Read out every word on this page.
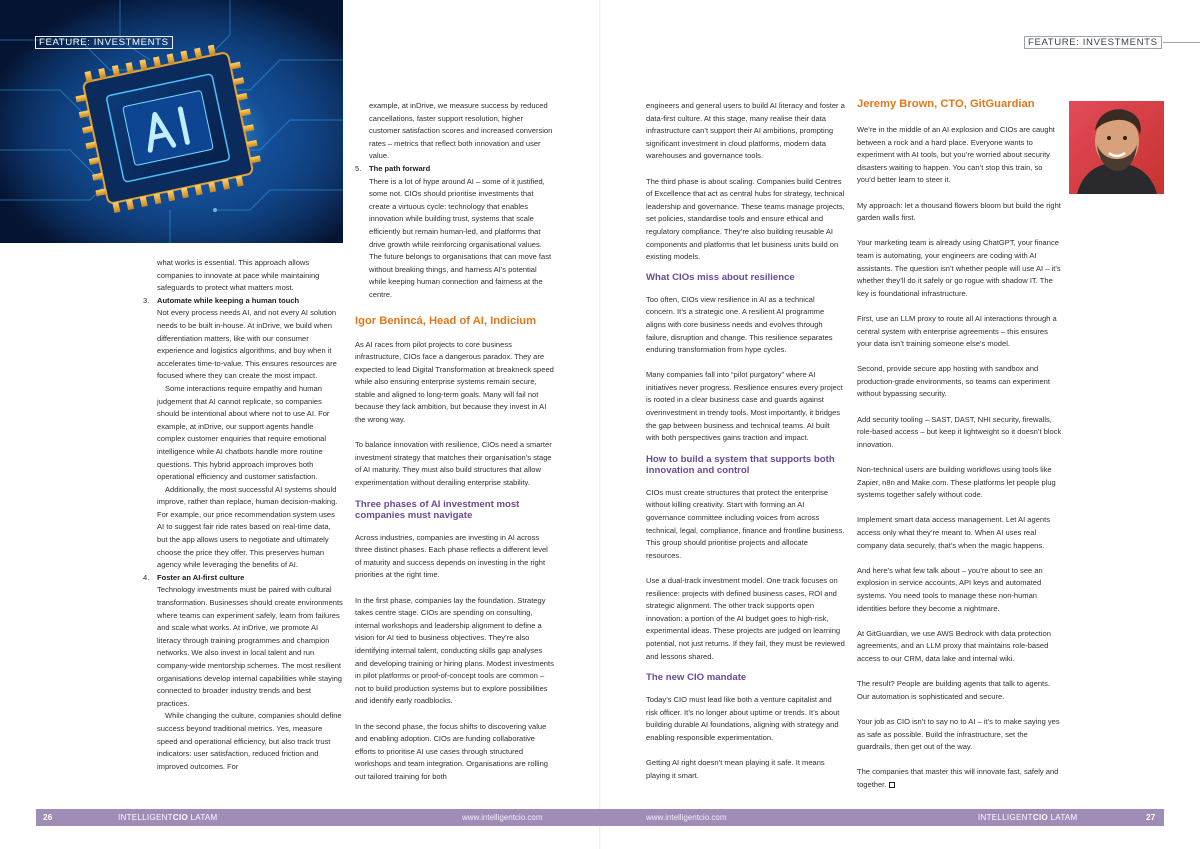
FEATURE: INVESTMENTS	FEATURE: INVESTMENTS

what works is essential. This approach allows companies to innovate at pace while maintaining safeguards to protect what matters most.

3. Automate while keeping a human touch

Not every process needs AI, and not every AI solution needs to be built in-house. At inDrive, we build when differentiation matters, like with our consumer experience and logistics algorithms, and buy when it accelerates time-to-value. This ensures resources are focused where they can create the most impact.

Some interactions require empathy and human judgement that AI cannot replicate, so companies should be intentional about where not to use AI. For example, at inDrive, our support agents handle complex customer enquiries that require emotional intelligence while AI chatbots handle more routine questions. This hybrid approach improves both operational efficiency and customer satisfaction.

Additionally, the most successful AI systems should improve, rather than replace, human decision-making. For example, our price recommendation system uses AI to suggest fair ride rates based on real-time data, but the app allows users to negotiate and ultimately choose the price they offer. This preserves human agency while leveraging the benefits of AI.

4. Foster an AI-first culture

Technology investments must be paired with cultural transformation. Businesses should create environments where teams can experiment safely, learn from failures and scale what works. At inDrive, we promote AI literacy through training programmes and champion networks. We also invest in local talent and run company-wide mentorship schemes. The most resilient organisations develop internal capabilities while staying connected to broader industry trends and best practices.

While changing the culture, companies should define success beyond traditional metrics. Yes, measure speed and operational efficiency, but also track trust indicators: user satisfaction, reduced friction and improved outcomes. For

example, at inDrive, we measure success by reduced cancellations, faster support resolution, higher customer satisfaction scores and increased conversion rates – metrics that reflect both innovation and user value.

5. The path forward

There is a lot of hype around AI – some of it justified, some not. CIOs should prioritise investments that create a virtuous cycle: technology that enables innovation while building trust, systems that scale efficiently but remain human-led, and platforms that drive growth while reinforcing organisational values. The future belongs to organisations that can move fast without breaking things, and harness AI’s potential while keeping human connection and fairness at the centre.

Igor Benincá, Head of AI, Indicium

As AI races from pilot projects to core business infrastructure, CIOs face a dangerous paradox. They are expected to lead Digital Transformation at breakneck speed while also ensuring enterprise systems remain secure, stable and aligned to long-term goals. Many will fail not because they lack ambition, but because they invest in AI the wrong way.

To balance innovation with resilience, CIOs need a smarter investment strategy that matches their organisation’s stage of AI maturity. They must also build structures that allow experimentation without derailing enterprise stability.

Three phases of AI investment most companies must navigate

Across industries, companies are investing in AI across three distinct phases. Each phase reflects a different level of maturity and success depends on investing in the right priorities at the right time.

In the first phase, companies lay the foundation. Strategy takes centre stage. CIOs are spending on consulting, internal workshops and leadership alignment to define a vision for AI tied to business objectives. They’re also identifying internal talent, conducting skills gap analyses and developing training or hiring plans. Modest investments in pilot platforms or proof-of-concept tools are common – not to build production systems but to explore possibilities and identify early roadblocks.

In the second phase, the focus shifts to discovering value and enabling adoption. CIOs are funding collaborative efforts to prioritise AI use cases through structured workshops and team integration. Organisations are rolling out tailored training for both

engineers and general users to build AI literacy and foster a data-first culture. At this stage, many realise their data infrastructure can’t support their AI ambitions, prompting significant investment in cloud platforms, modern data warehouses and governance tools.

The third phase is about scaling. Companies build Centres of Excellence that act as central hubs for strategy, technical leadership and governance. These teams manage projects, set policies, standardise tools and ensure ethical and regulatory compliance. They’re also building reusable AI components and platforms that let business units build on existing models.

What CIOs miss about resilience

Too often, CIOs view resilience in AI as a technical concern. It’s a strategic one. A resilient AI programme aligns with core business needs and evolves through failure, disruption and change. This resilience separates enduring transformation from hype cycles.

Many companies fall into “pilot purgatory” where AI initiatives never progress. Resilience ensures every project is rooted in a clear business case and guards against overinvestment in trendy tools. Most importantly, it bridges the gap between business and technical teams. AI built with both perspectives gains traction and impact.

How to build a system that supports both innovation and control

CIOs must create structures that protect the enterprise without killing creativity. Start with forming an AI governance committee including voices from across technical, legal, compliance, finance and frontline business. This group should prioritise projects and allocate resources.

Use a dual-track investment model. One track focuses on resilience: projects with defined business cases, ROI and strategic alignment. The other track supports open innovation: a portion of the AI budget goes to high-risk, experimental ideas. These projects are judged on learning potential, not just returns. If they fail, they must be reviewed and lessons shared.

The new CIO mandate

Today’s CIO must lead like both a venture capitalist and risk officer. It’s no longer about uptime or trends. It’s about building durable AI foundations, aligning with strategy and enabling responsible experimentation.

Getting AI right doesn’t mean playing it safe. It means playing it smart.

Jeremy Brown, CTO, GitGuardian

We’re in the middle of an AI explosion and CIOs are caught between a rock and a hard place. Everyone wants to experiment with AI tools, but you’re worried about security disasters waiting to happen. You can’t stop this train, so you’d better learn to steer it.

My approach: let a thousand flowers bloom but build the right garden walls first.

Your marketing team is already using ChatGPT, your finance team is automating, your engineers are coding with AI assistants. The question isn’t whether people will use AI – it’s whether they’ll do it safely or go rogue with shadow IT. The key is foundational infrastructure.

First, use an LLM proxy to route all AI interactions through a central system with enterprise agreements – this ensures your data isn’t training someone else’s model.

Second, provide secure app hosting with sandbox and production-grade environments, so teams can experiment without bypassing security.

Add security tooling – SAST, DAST, NHI security, firewalls, role-based access – but keep it lightweight so it doesn’t block innovation.

Non-technical users are building workflows using tools like Zapier, n8n and Make.com. These platforms let people plug systems together safely without code.

Implement smart data access management. Let AI agents access only what they’re meant to. When AI uses real company data securely, that’s when the magic happens.

And here’s what few talk about – you’re about to see an explosion in service accounts, API keys and automated systems. You need tools to manage these non-human identities before they become a nightmare.

At GitGuardian, we use AWS Bedrock with data protection agreements, and an LLM proxy that maintains role-based access to our CRM, data lake and internal wiki.

The result? People are building agents that talk to agents. Our automation is sophisticated and secure.

Your job as CIO isn’t to say no to AI – it’s to make saying yes as safe as possible. Build the infrastructure, set the guardrails, then get out of the way.

The companies that master this will innovate fast, safely and together.

26	INTELLIGENTCIO LATAM	www.intelligentcio.com	www.intelligentcio.com	INTELLIGENTCIO LATAM	27
